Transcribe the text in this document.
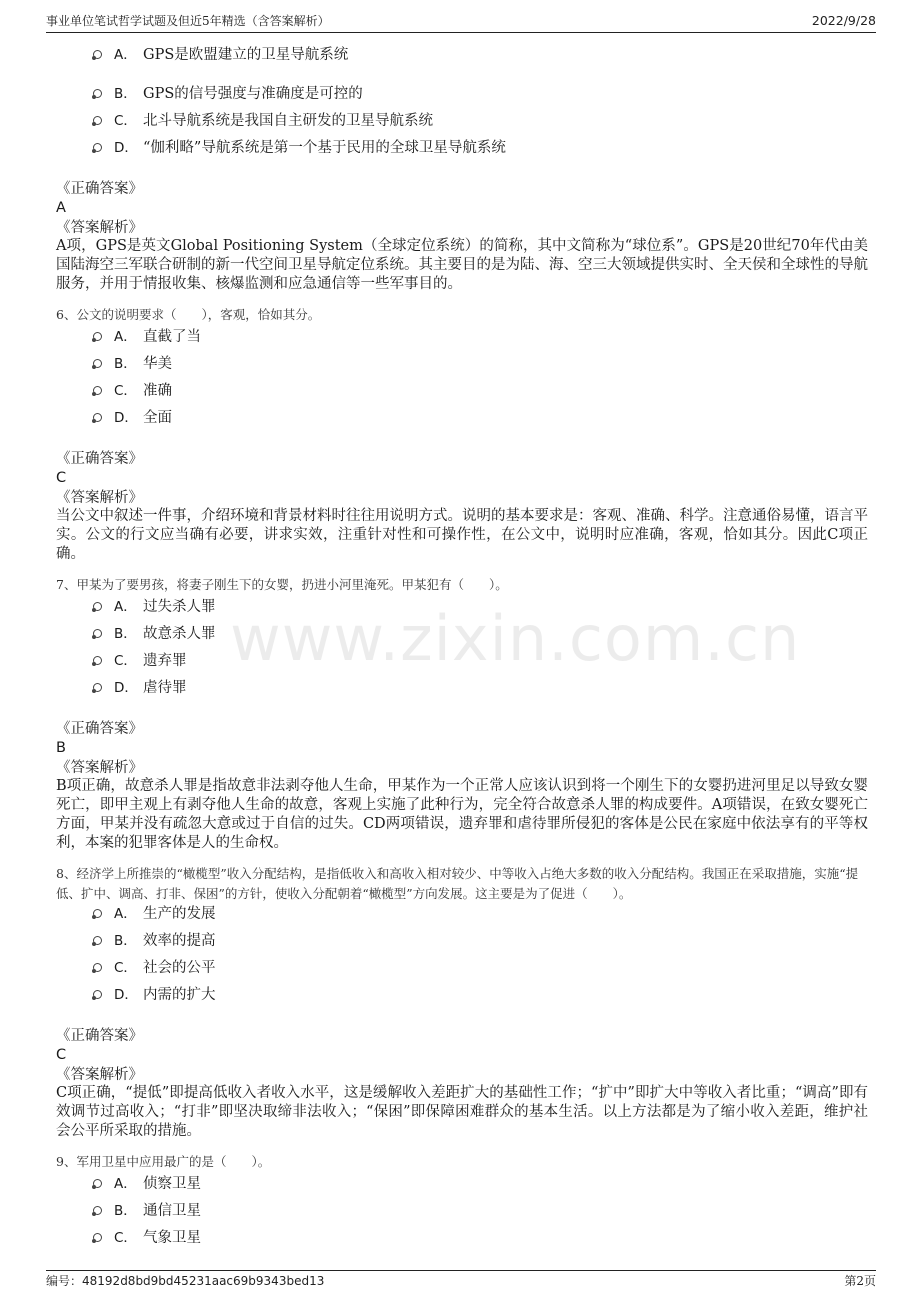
事业单位笔试哲学试题及但近5年精选（含答案解析）	2022/9/28
www.zixin.com.cn
A． GPS是欧盟建立的卫星导航系统
B． GPS的信号强度与准确度是可控的
C． 北斗导航系统是我国自主研发的卫星导航系统
D． “伽利略”导航系统是第一个基于民用的全球卫星导航系统
《正确答案》
A
《答案解析》
A项，GPS是英文Global Positioning System（全球定位系统）的简称，其中文简称为“球位系”。GPS是20世纪70年代由美国陆海空三军联合研制的新一代空间卫星导航定位系统。其主要目的是为陆、海、空三大领域提供实时、全天侯和全球性的导航服务，并用于情报收集、核爆监测和应急通信等一些军事目的。
6、公文的说明要求（　　），客观，恰如其分。
A． 直截了当
B． 华美
C． 准确
D． 全面
《正确答案》
C
《答案解析》
当公文中叙述一件事，介绍环境和背景材料时往往用说明方式。说明的基本要求是：客观、准确、科学。注意通俗易懂，语言平实。公文的行文应当确有必要，讲求实效，注重针对性和可操作性，在公文中，说明时应准确，客观，恰如其分。因此C项正确。
7、甲某为了要男孩，将妻子刚生下的女婴，扔进小河里淹死。甲某犯有（　　）。
A． 过失杀人罪
B． 故意杀人罪
C． 遗弃罪
D． 虐待罪
《正确答案》
B
《答案解析》
B项正确，故意杀人罪是指故意非法剥夺他人生命，甲某作为一个正常人应该认识到将一个刚生下的女婴扔进河里足以导致女婴死亡，即甲主观上有剥夺他人生命的故意，客观上实施了此种行为，完全符合故意杀人罪的构成要件。A项错误，在致女婴死亡方面，甲某并没有疏忽大意或过于自信的过失。CD两项错误，遗弃罪和虐待罪所侵犯的客体是公民在家庭中依法享有的平等权利，本案的犯罪客体是人的生命权。
8、经济学上所推崇的“橄榄型”收入分配结构，是指低收入和高收入相对较少、中等收入占绝大多数的收入分配结构。我国正在采取措施，实施“提低、扩中、调高、打非、保困”的方针，使收入分配朝着“橄榄型”方向发展。这主要是为了促进（　　）。
A． 生产的发展
B． 效率的提高
C． 社会的公平
D． 内需的扩大
《正确答案》
C
《答案解析》
C项正确，“提低”即提高低收入者收入水平，这是缓解收入差距扩大的基础性工作；“扩中”即扩大中等收入者比重；“调高”即有效调节过高收入；“打非”即坚决取缔非法收入；“保困”即保障困难群众的基本生活。以上方法都是为了缩小收入差距，维护社会公平所采取的措施。
9、军用卫星中应用最广的是（　　）。
A． 侦察卫星
B． 通信卫星
C． 气象卫星
编号：48192d8bd9bd45231aac69b9343bed13	第2页
